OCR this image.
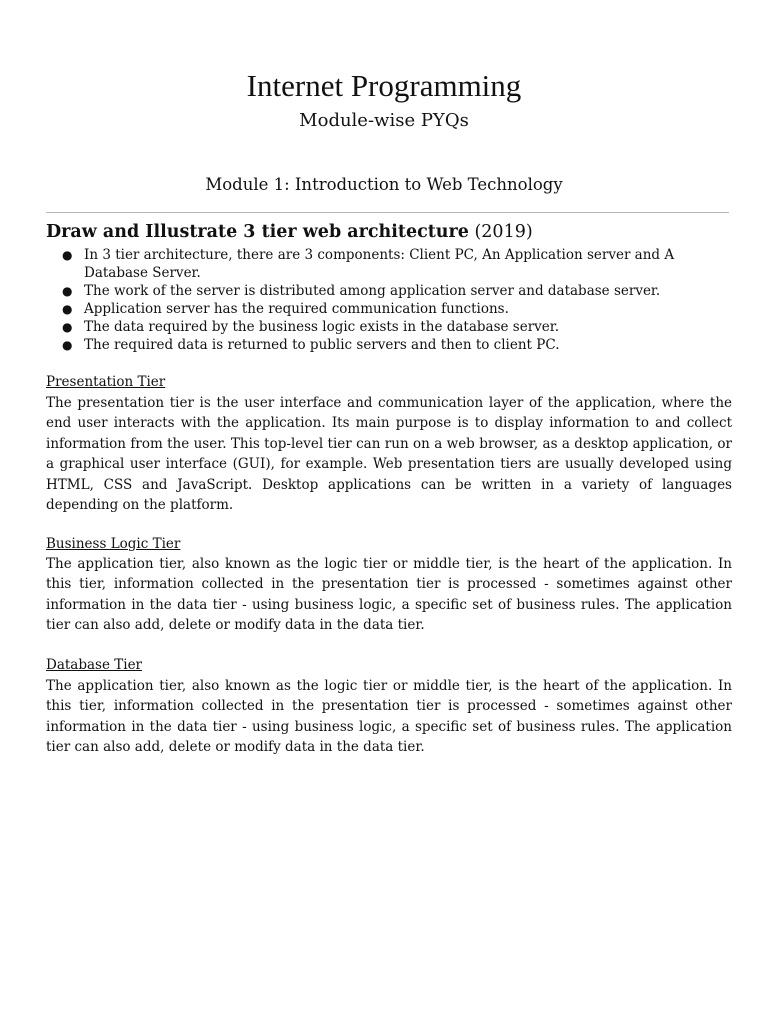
Internet Programming
Module-wise PYQs
Module 1: Introduction to Web Technology
Draw and Illustrate 3 tier web architecture (2019)
● In 3 tier architecture, there are 3 components: Client PC, An Application server and A Database Server.
● The work of the server is distributed among application server and database server.
● Application server has the required communication functions.
● The data required by the business logic exists in the database server.
● The required data is returned to public servers and then to client PC.
Presentation Tier

The presentation tier is the user interface and communication layer of the application, where the end user interacts with the application. Its main purpose is to display information to and collect information from the user. This top-level tier can run on a web browser, as a desktop application, or a graphical user interface (GUI), for example. Web presentation tiers are usually developed using HTML, CSS and JavaScript. Desktop applications can be written in a variety of languages depending on the platform.

Business Logic Tier

The application tier, also known as the logic tier or middle tier, is the heart of the application. In this tier, information collected in the presentation tier is processed - sometimes against other information in the data tier - using business logic, a specific set of business rules. The application tier can also add, delete or modify data in the data tier.

Database Tier

The application tier, also known as the logic tier or middle tier, is the heart of the application. In this tier, information collected in the presentation tier is processed - sometimes against other information in the data tier - using business logic, a specific set of business rules. The application tier can also add, delete or modify data in the data tier.
